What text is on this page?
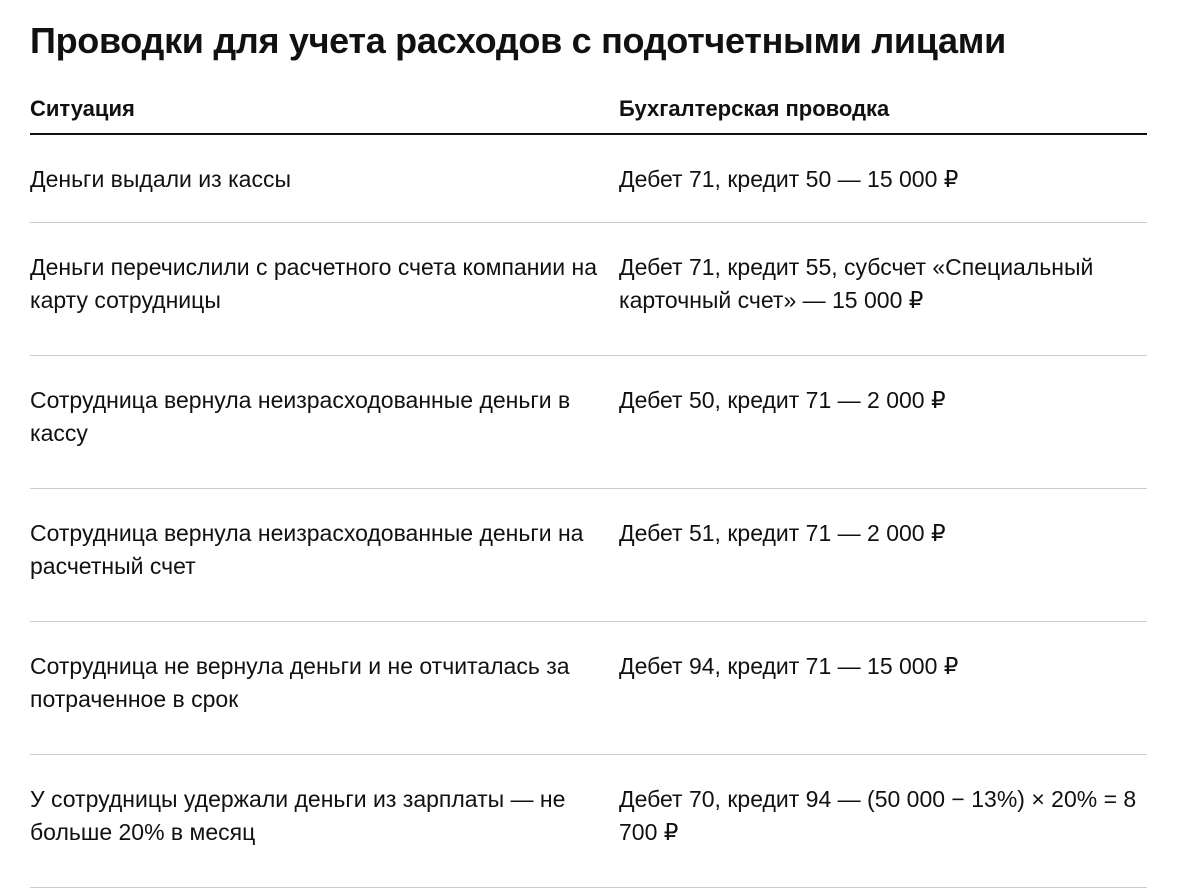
Проводки для учета расходов с подотчетными лицами
Ситуация	Бухгалтерская проводка
Деньги выдали из кассы	Дебет 71, кредит 50 — 15 000 ₽
Деньги перечислили с расчетного счета компании на карту сотрудницы	Дебет 71, кредит 55, субсчет «Специальный карточный счет» — 15 000 ₽
Сотрудница вернула неизрасходованные деньги в кассу	Дебет 50, кредит 71 — 2 000 ₽
Сотрудница вернула неизрасходованные деньги на расчетный счет	Дебет 51, кредит 71 — 2 000 ₽
Сотрудница не вернула деньги и не отчиталась за потраченное в срок	Дебет 94, кредит 71 — 15 000 ₽
У сотрудницы удержали деньги из зарплаты — не больше 20% в месяц	Дебет 70, кредит 94 — (50 000 − 13%) × 20% = 8 700 ₽
